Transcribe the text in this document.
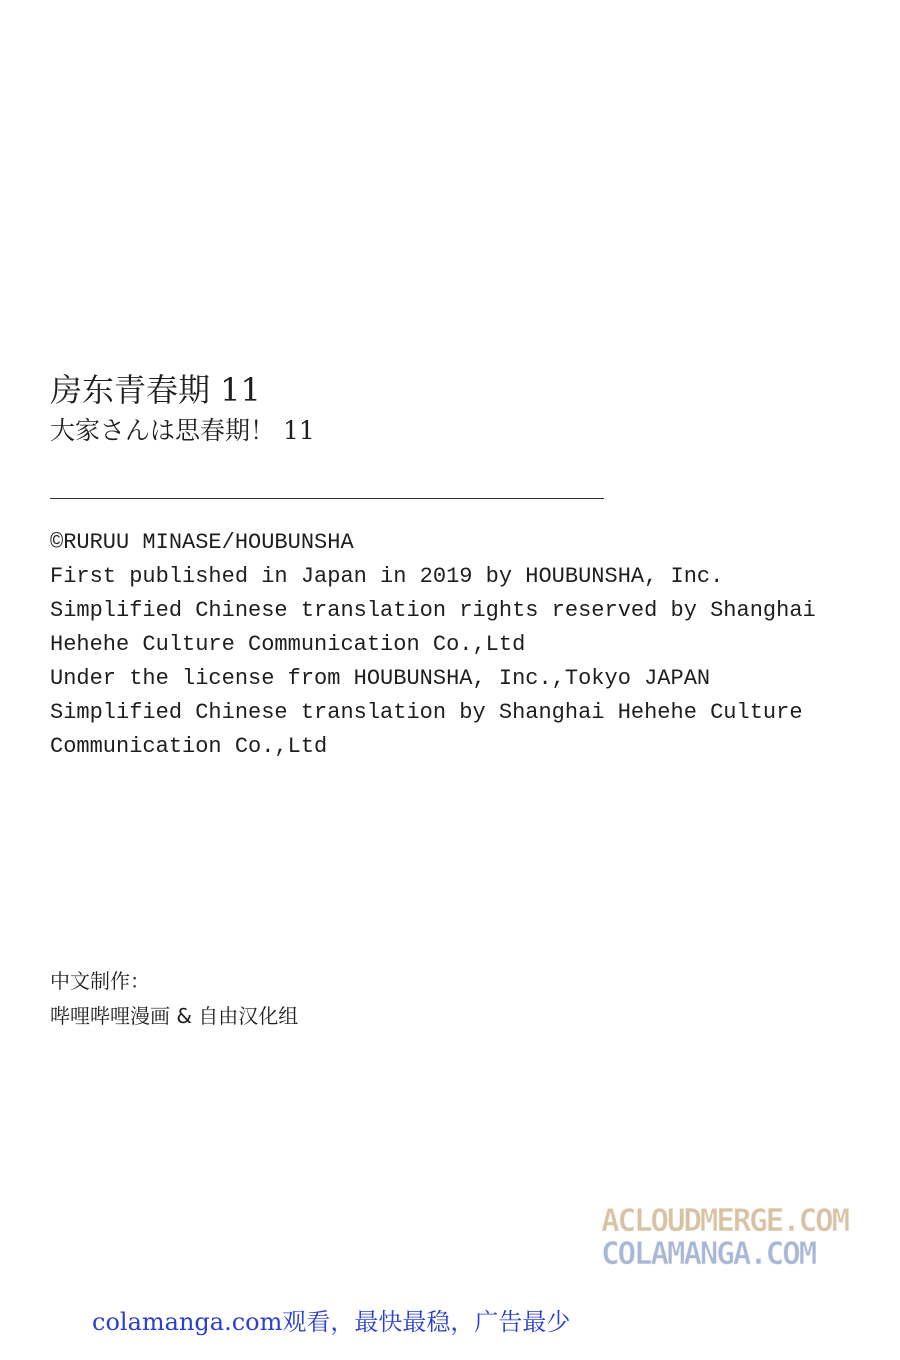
房东青春期 11
大家さんは思春期！ 11
©RURUU MINASE/HOUBUNSHA
First published in Japan in 2019 by HOUBUNSHA, Inc.
Simplified Chinese translation rights reserved by Shanghai
Hehehe Culture Communication Co.,Ltd
Under the license from HOUBUNSHA, Inc.,Tokyo JAPAN
Simplified Chinese translation by Shanghai Hehehe Culture
Communication Co.,Ltd
中文制作：
哔哩哔哩漫画 & 自由汉化组
ACLOUDMERGE.COM
COLAMANGA.COM
colamanga.com观看，最快最稳，广告最少
